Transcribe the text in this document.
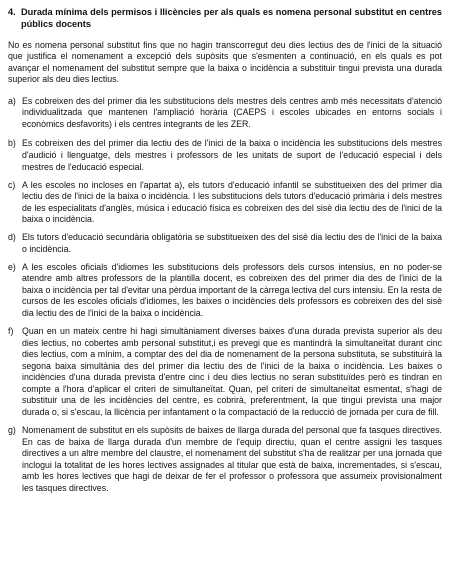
4. Durada mínima dels permisos i llicències per als quals es nomena personal substitut en centres públics docents

No es nomena personal substitut fins que no hagin transcorregut deu dies lectius des de l'inici de la situació que justifica el nomenament a excepció dels supòsits que s'esmenten a continuació, en els quals es pot avançar el nomenament del substitut sempre que la baixa o incidència a substituir tingui prevista una durada superior als deu dies lectius.

a) Es cobreixen des del primer dia les substitucions dels mestres dels centres amb més necessitats d'atenció individualitzada que mantenen l'ampliació horària (CAEPS i escoles ubicades en entorns socials i econòmics desfavorits) i els centres integrants de les ZER.
b) Es cobreixen des del primer dia lectiu des de l'inici de la baixa o incidència les substitucions dels mestres d'audició i llenguatge, dels mestres i professors de les unitats de suport de l'educació especial i dels mestres de l'educació especial.
c) A les escoles no incloses en l'apartat a), els tutors d'educació infantil se substitueixen des del primer dia lectiu des de l'inici de la baixa o incidència. I les substitucions dels tutors d'educació primària i dels mestres de les especialitats d'anglès, música i educació física es cobreixen des del sisè dia lectiu des de l'inici de la baixa o incidència.
d) Els tutors d'educació secundària obligatòria se substitueixen des del sisè dia lectiu des de l'inici de la baixa o incidència.
e) A les escoles oficials d'idiomes les substitucions dels professors dels cursos intensius, en no poder-se atendre amb altres professors de la plantilla docent, es cobreixen des del primer dia des de l'inici de la baixa o incidència per tal d'evitar una pèrdua important de la càrrega lectiva del curs intensiu. En la resta de cursos de les escoles oficials d'idiomes, les baixes o incidències dels professors es cobreixen des del sisè dia lectiu des de l'inici de la baixa o incidència.
f) Quan en un mateix centre hi hagi simultàniament diverses baixes d'una durada prevista superior als deu dies lectius, no cobertes amb personal substitut,i es prevegi que es mantindrà la simultaneïtat durant cinc dies lectius, com a mínim, a comptar des del dia de nomenament de la persona substituta, se substituirà la segona baixa simultània des del primer dia lectiu des de l'inici de la baixa o incidència. Les baixes o incidències d'una durada prevista d'entre cinc i deu dies lectius no seran substituïdes però es tindran en compte a l'hora d'aplicar el criteri de simultaneïtat. Quan, pel criteri de simultaneïtat esmentat, s'hagi de substituir una de les incidències del centre, es cobrirà, preferentment, la que tingui prevista una major durada o, si s'escau, la llicència per infantament o la compactació de la reducció de jornada per cura de fill.
g) Nomenament de substitut en els supòsits de baixes de llarga durada del personal que fa tasques directives. En cas de baixa de llarga durada d'un membre de l'equip directiu, quan el centre assigni les tasques directives a un altre membre del claustre, el nomenament del substitut s'ha de realitzar per una jornada que inclogui la totalitat de les hores lectives assignades al titular que està de baixa, incrementades, si s'escau, amb les hores lectives que hagi de deixar de fer el professor o professora que assumeix provisionalment les tasques directives.
